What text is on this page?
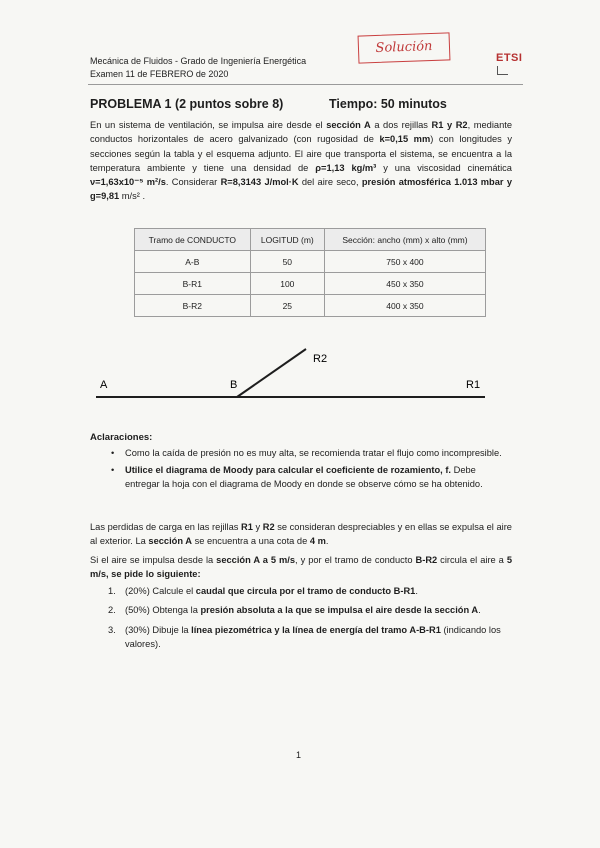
Mecánica de Fluidos - Grado de Ingeniería Energética
Examen 11 de FEBRERO de 2020
Solución
ETSI
PROBLEMA 1 (2 puntos sobre 8)	Tiempo: 50 minutos
En un sistema de ventilación, se impulsa aire desde el sección A a dos rejillas R1 y R2, mediante conductos horizontales de acero galvanizado (con rugosidad de k=0,15 mm) con longitudes y secciones según la tabla y el esquema adjunto. El aire que transporta el sistema, se encuentra a la temperatura ambiente y tiene una densidad de ρ=1,13 kg/m³ y una viscosidad cinemática ν=1,63x10⁻⁵ m²/s. Considerar R=8,3143 J/mol·K del aire seco, presión atmosférica 1.013 mbar y g=9,81 m/s² .
Tramo de CONDUCTO	LOGITUD (m)	Sección: ancho (mm) x alto (mm)
A-B	50	750 x 400
B-R1	100	450 x 350
B-R2	25	400 x 350
A	B
R2
R1
Aclaraciones:
• Como la caída de presión no es muy alta, se recomienda tratar el flujo como incompresible.
• Utilice el diagrama de Moody para calcular el coeficiente de rozamiento, f. Debe entregar la hoja con el diagrama de Moody en donde se observe cómo se ha obtenido.
Las perdidas de carga en las rejillas R1 y R2 se consideran despreciables y en ellas se expulsa el aire al exterior. La sección A se encuentra a una cota de 4 m.
Si el aire se impulsa desde la sección A a 5 m/s, y por el tramo de conducto B-R2 circula el aire a 5 m/s, se pide lo siguiente:
1. (20%) Calcule el caudal que circula por el tramo de conducto B-R1.
2. (50%) Obtenga la presión absoluta a la que se impulsa el aire desde la sección A.
3. (30%) Dibuje la línea piezométrica y la línea de energía del tramo A-B-R1 (indicando los valores).
1
